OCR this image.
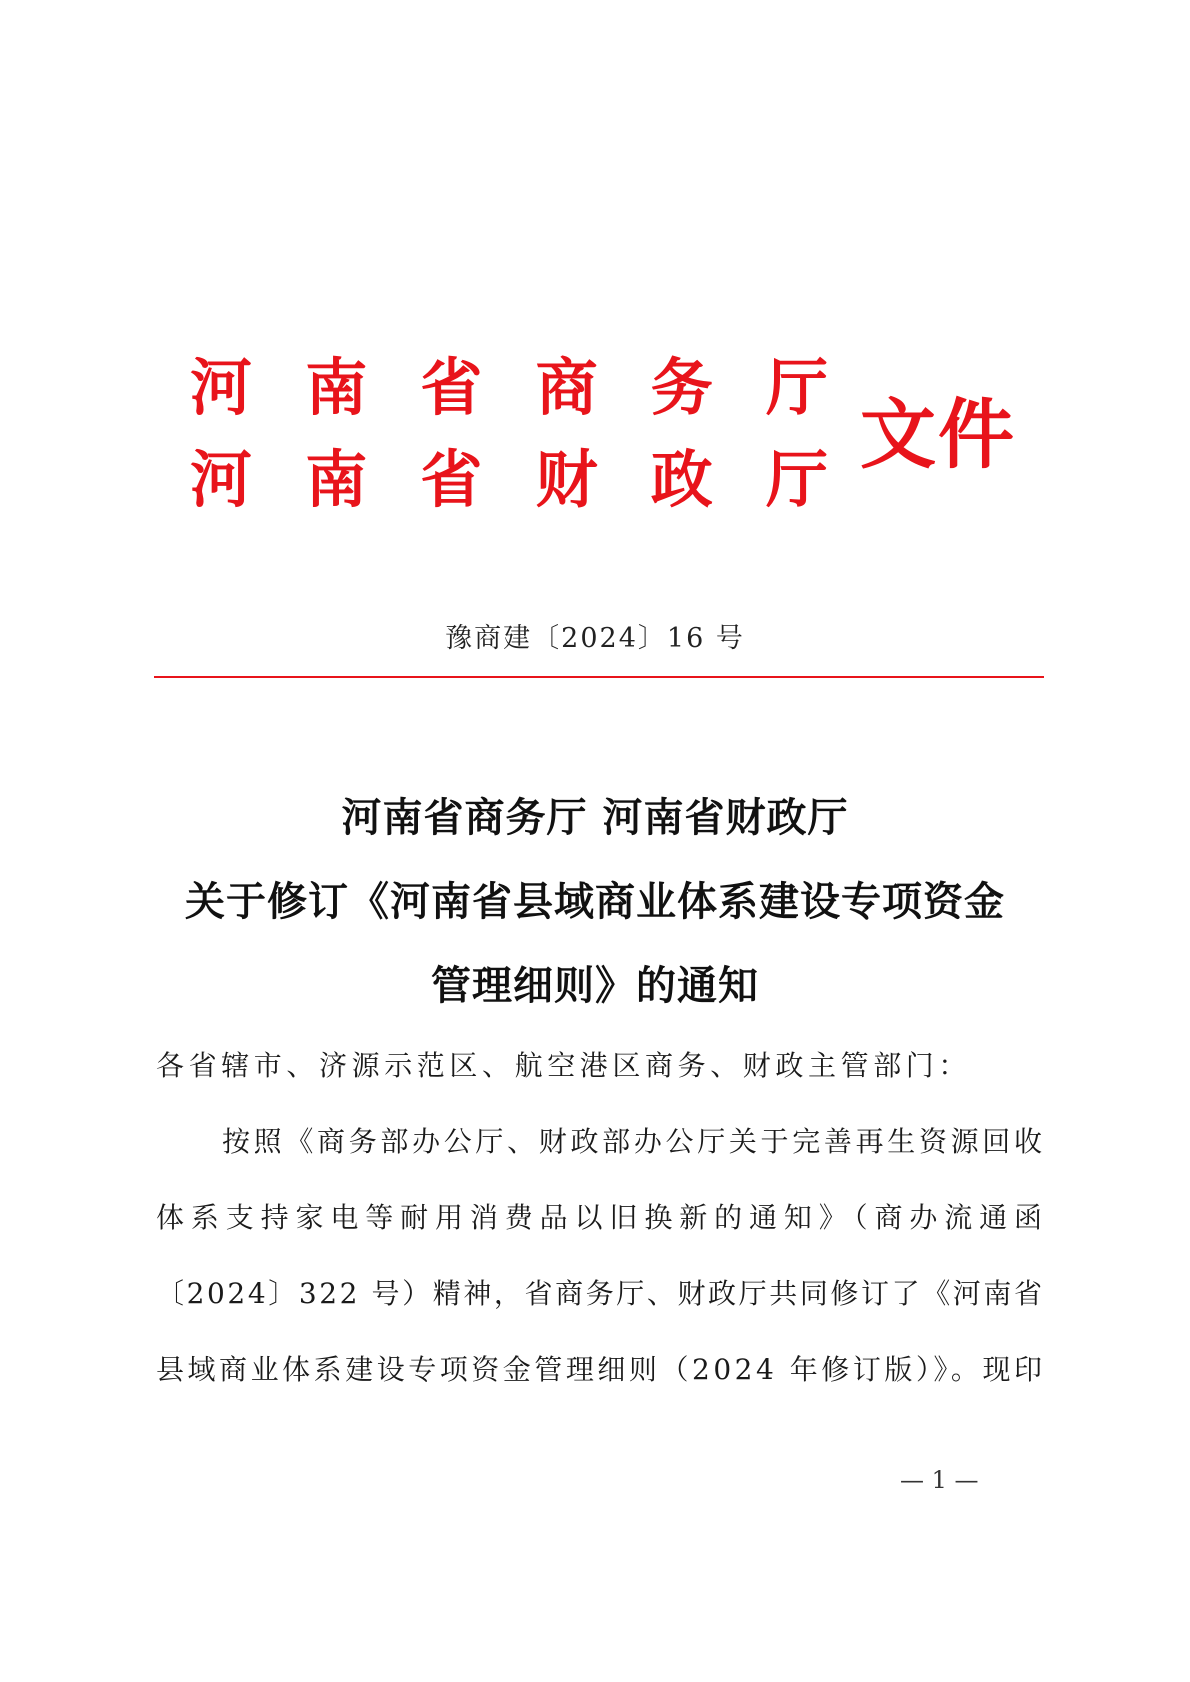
河 南 省 商 务 厅
河 南 省 财 政 厅
文件
豫商建〔2024〕16 号
河南省商务厅 河南省财政厅
关于修订《河南省县域商业体系建设专项资金
管理细则》的通知
各省辖市、济源示范区、航空港区商务、财政主管部门：
按照《商务部办公厅、财政部办公厅关于完善再生资源回收
体系支持家电等耐用消费品以旧换新的通知》（商办流通函
〔2024〕322 号）精神，省商务厅、财政厅共同修订了《河南省
县域商业体系建设专项资金管理细则（2024 年修订版）》。现印
— 1 —
